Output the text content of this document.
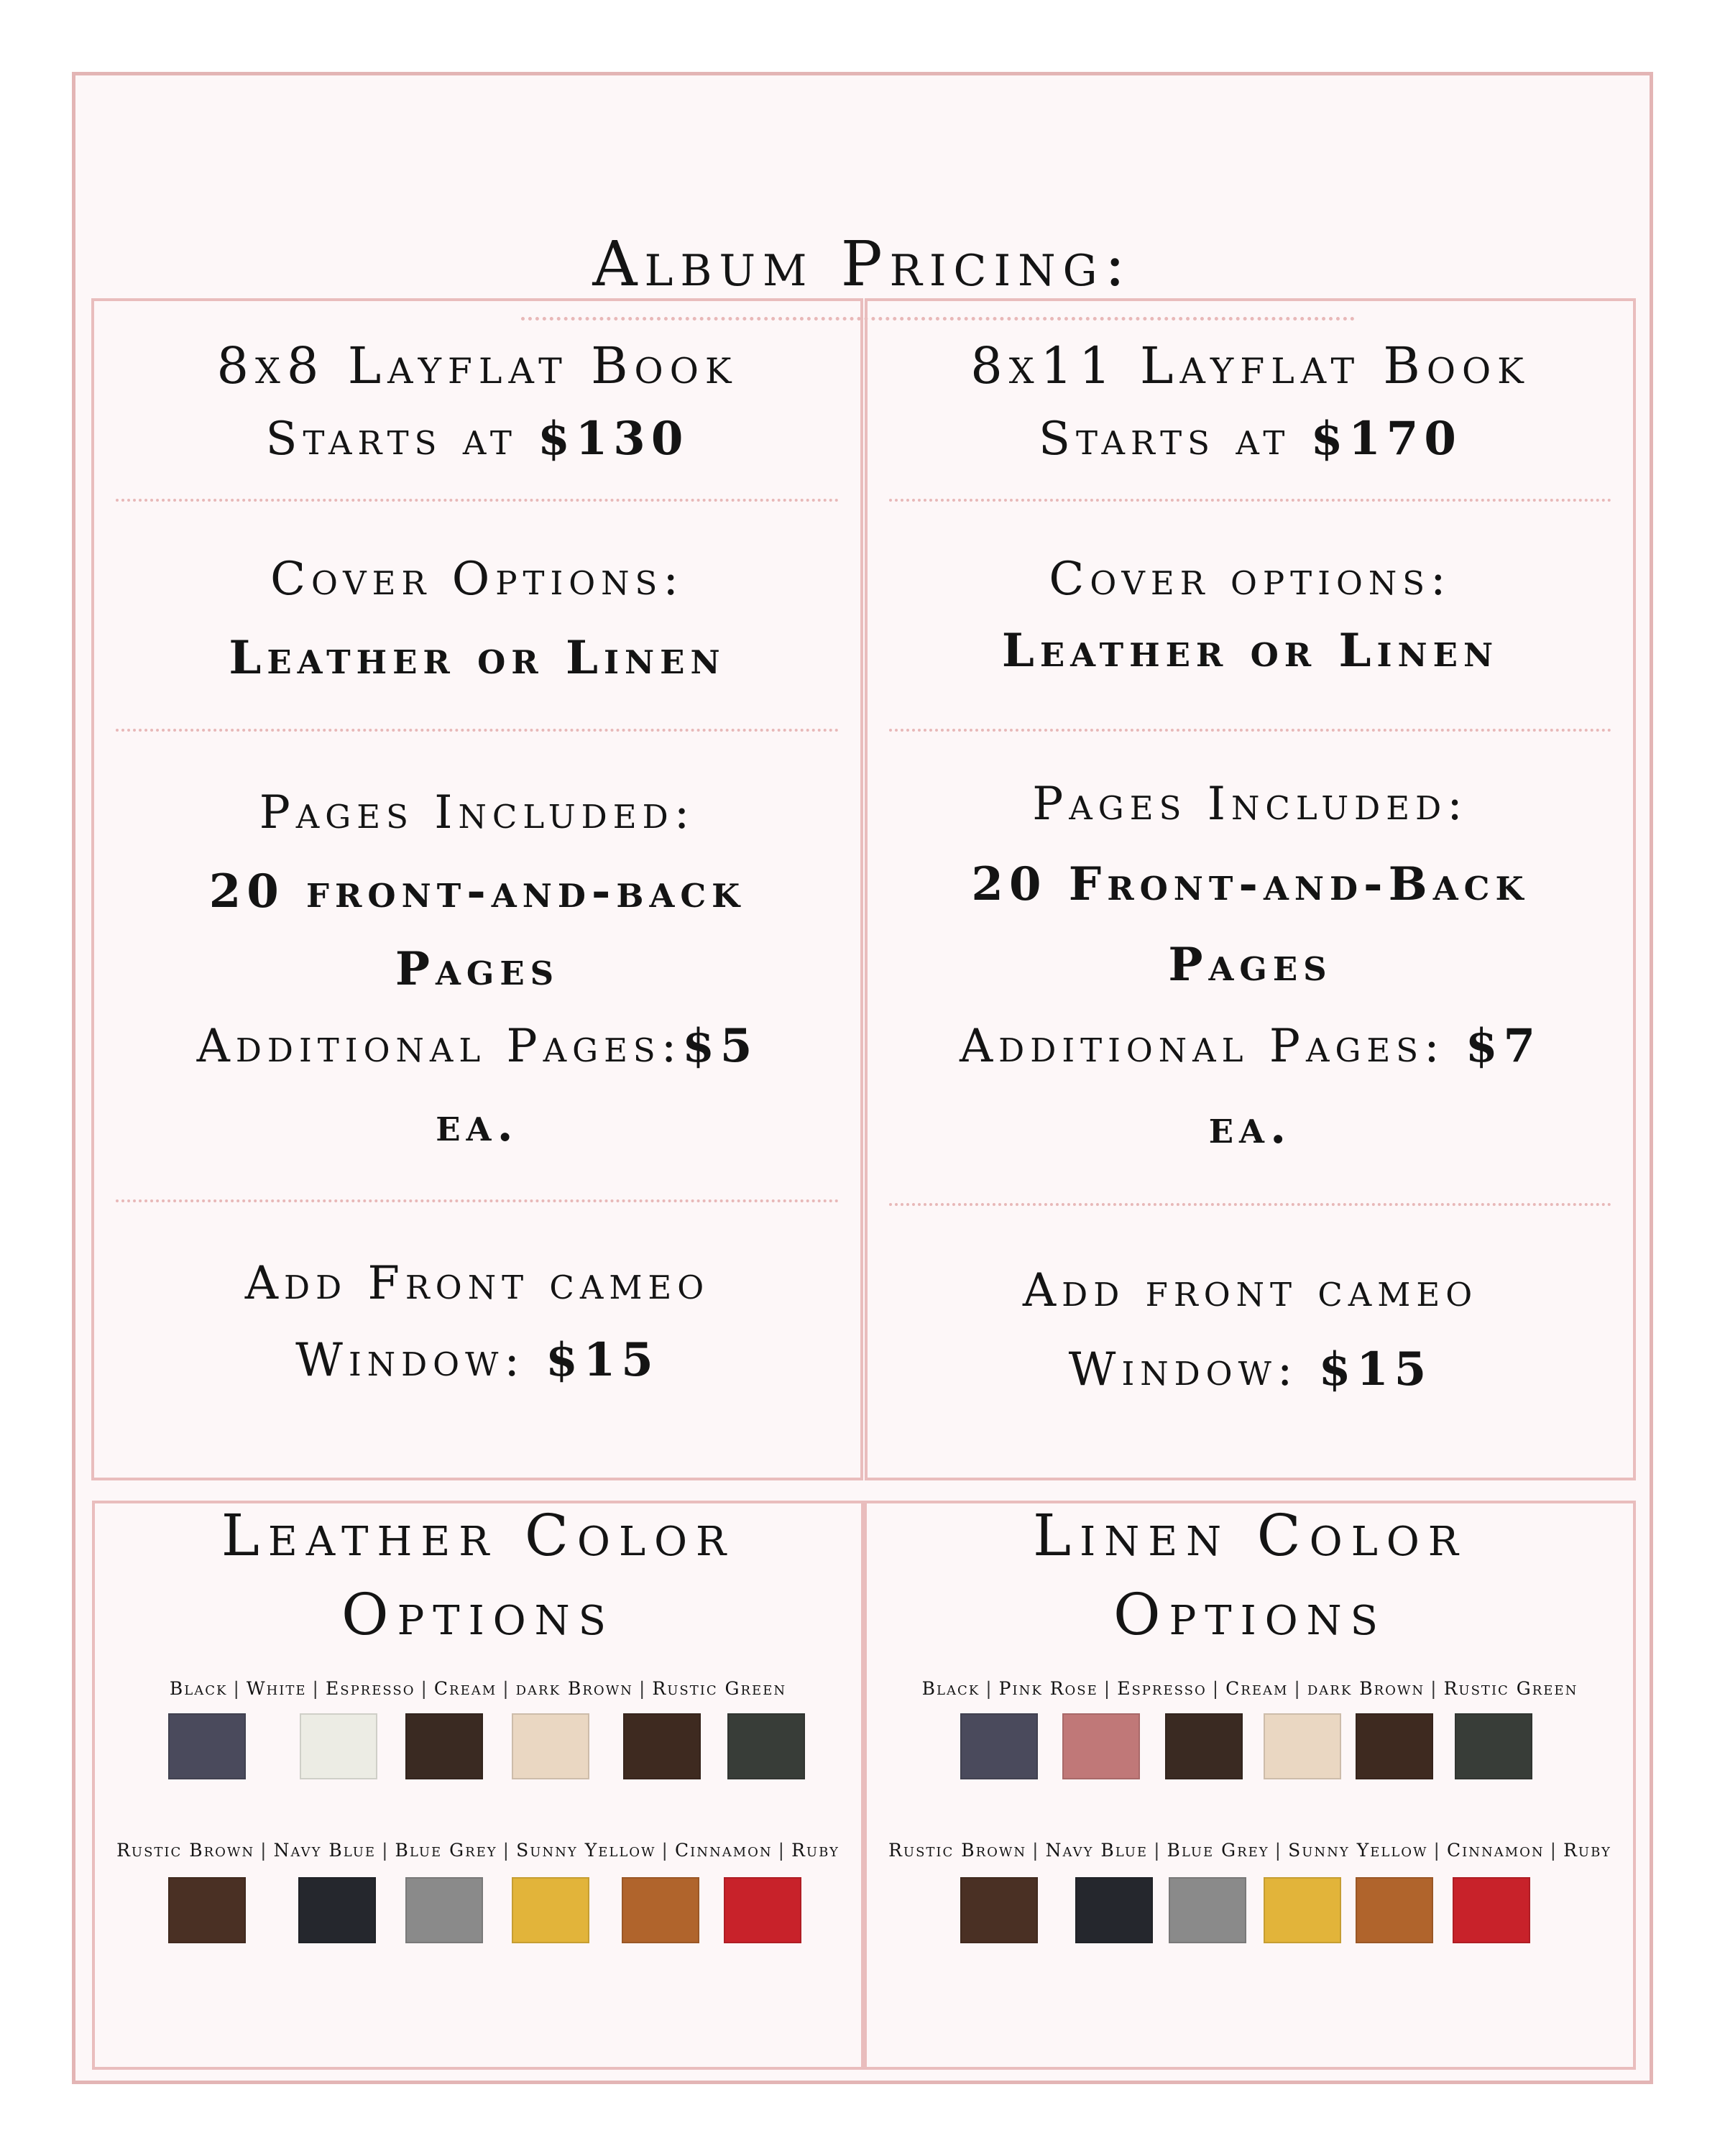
Album Pricing:
8x8 Layflat Book
Starts at $130
Cover Options:
Leather or Linen
Pages Included:
20 front-and-back
Pages
Additional Pages:$5
ea.
Add Front cameo
Window: $15
8x11 Layflat Book
Starts at $170
Cover options:
Leather or Linen
Pages Included:
20 Front-and-Back
Pages
Additional Pages: $7
ea.
Add front cameo
Window: $15
Leather Color
Options
Black | White | Espresso | Cream | dark Brown | Rustic Green
Rustic Brown | Navy Blue | Blue Grey | Sunny Yellow | Cinnamon | Ruby
Linen Color
Options
Black | Pink Rose | Espresso | Cream | dark Brown | Rustic Green
Rustic Brown | Navy Blue | Blue Grey | Sunny Yellow | Cinnamon | Ruby
